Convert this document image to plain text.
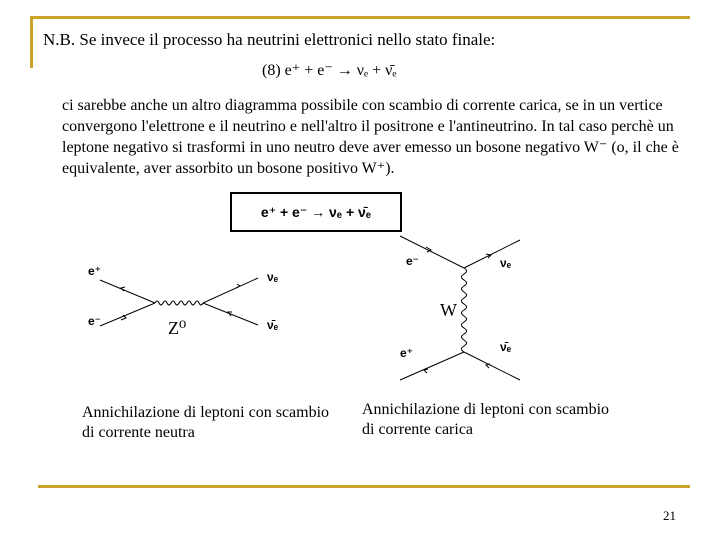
N.B. Se invece il processo ha neutrini elettronici nello stato finale:

(8) e⁺ + e⁻ → νₑ + ν̄ₑ

ci sarebbe anche un altro diagramma possibile con scambio di corrente carica, se in un vertice convergono l'elettrone e il neutrino e nell'altro il positrone e l'antineutrino. In tal caso perchè un leptone negativo si trasformi in uno neutro deve aver emesso un bosone negativo W⁻ (o, il che è equivalente, aver assorbito un bosone positivo W⁺).

e⁺ + e⁻ → νₑ + ν̄ₑ
e⁺
e⁻
νₑ
ν̄ₑ
Z⁰
Annichilazione di leptoni con scambio di corrente neutra
e⁻	νₑ
e⁺	ν̄ₑ
W
Annichilazione di leptoni con scambio di corrente carica
21
